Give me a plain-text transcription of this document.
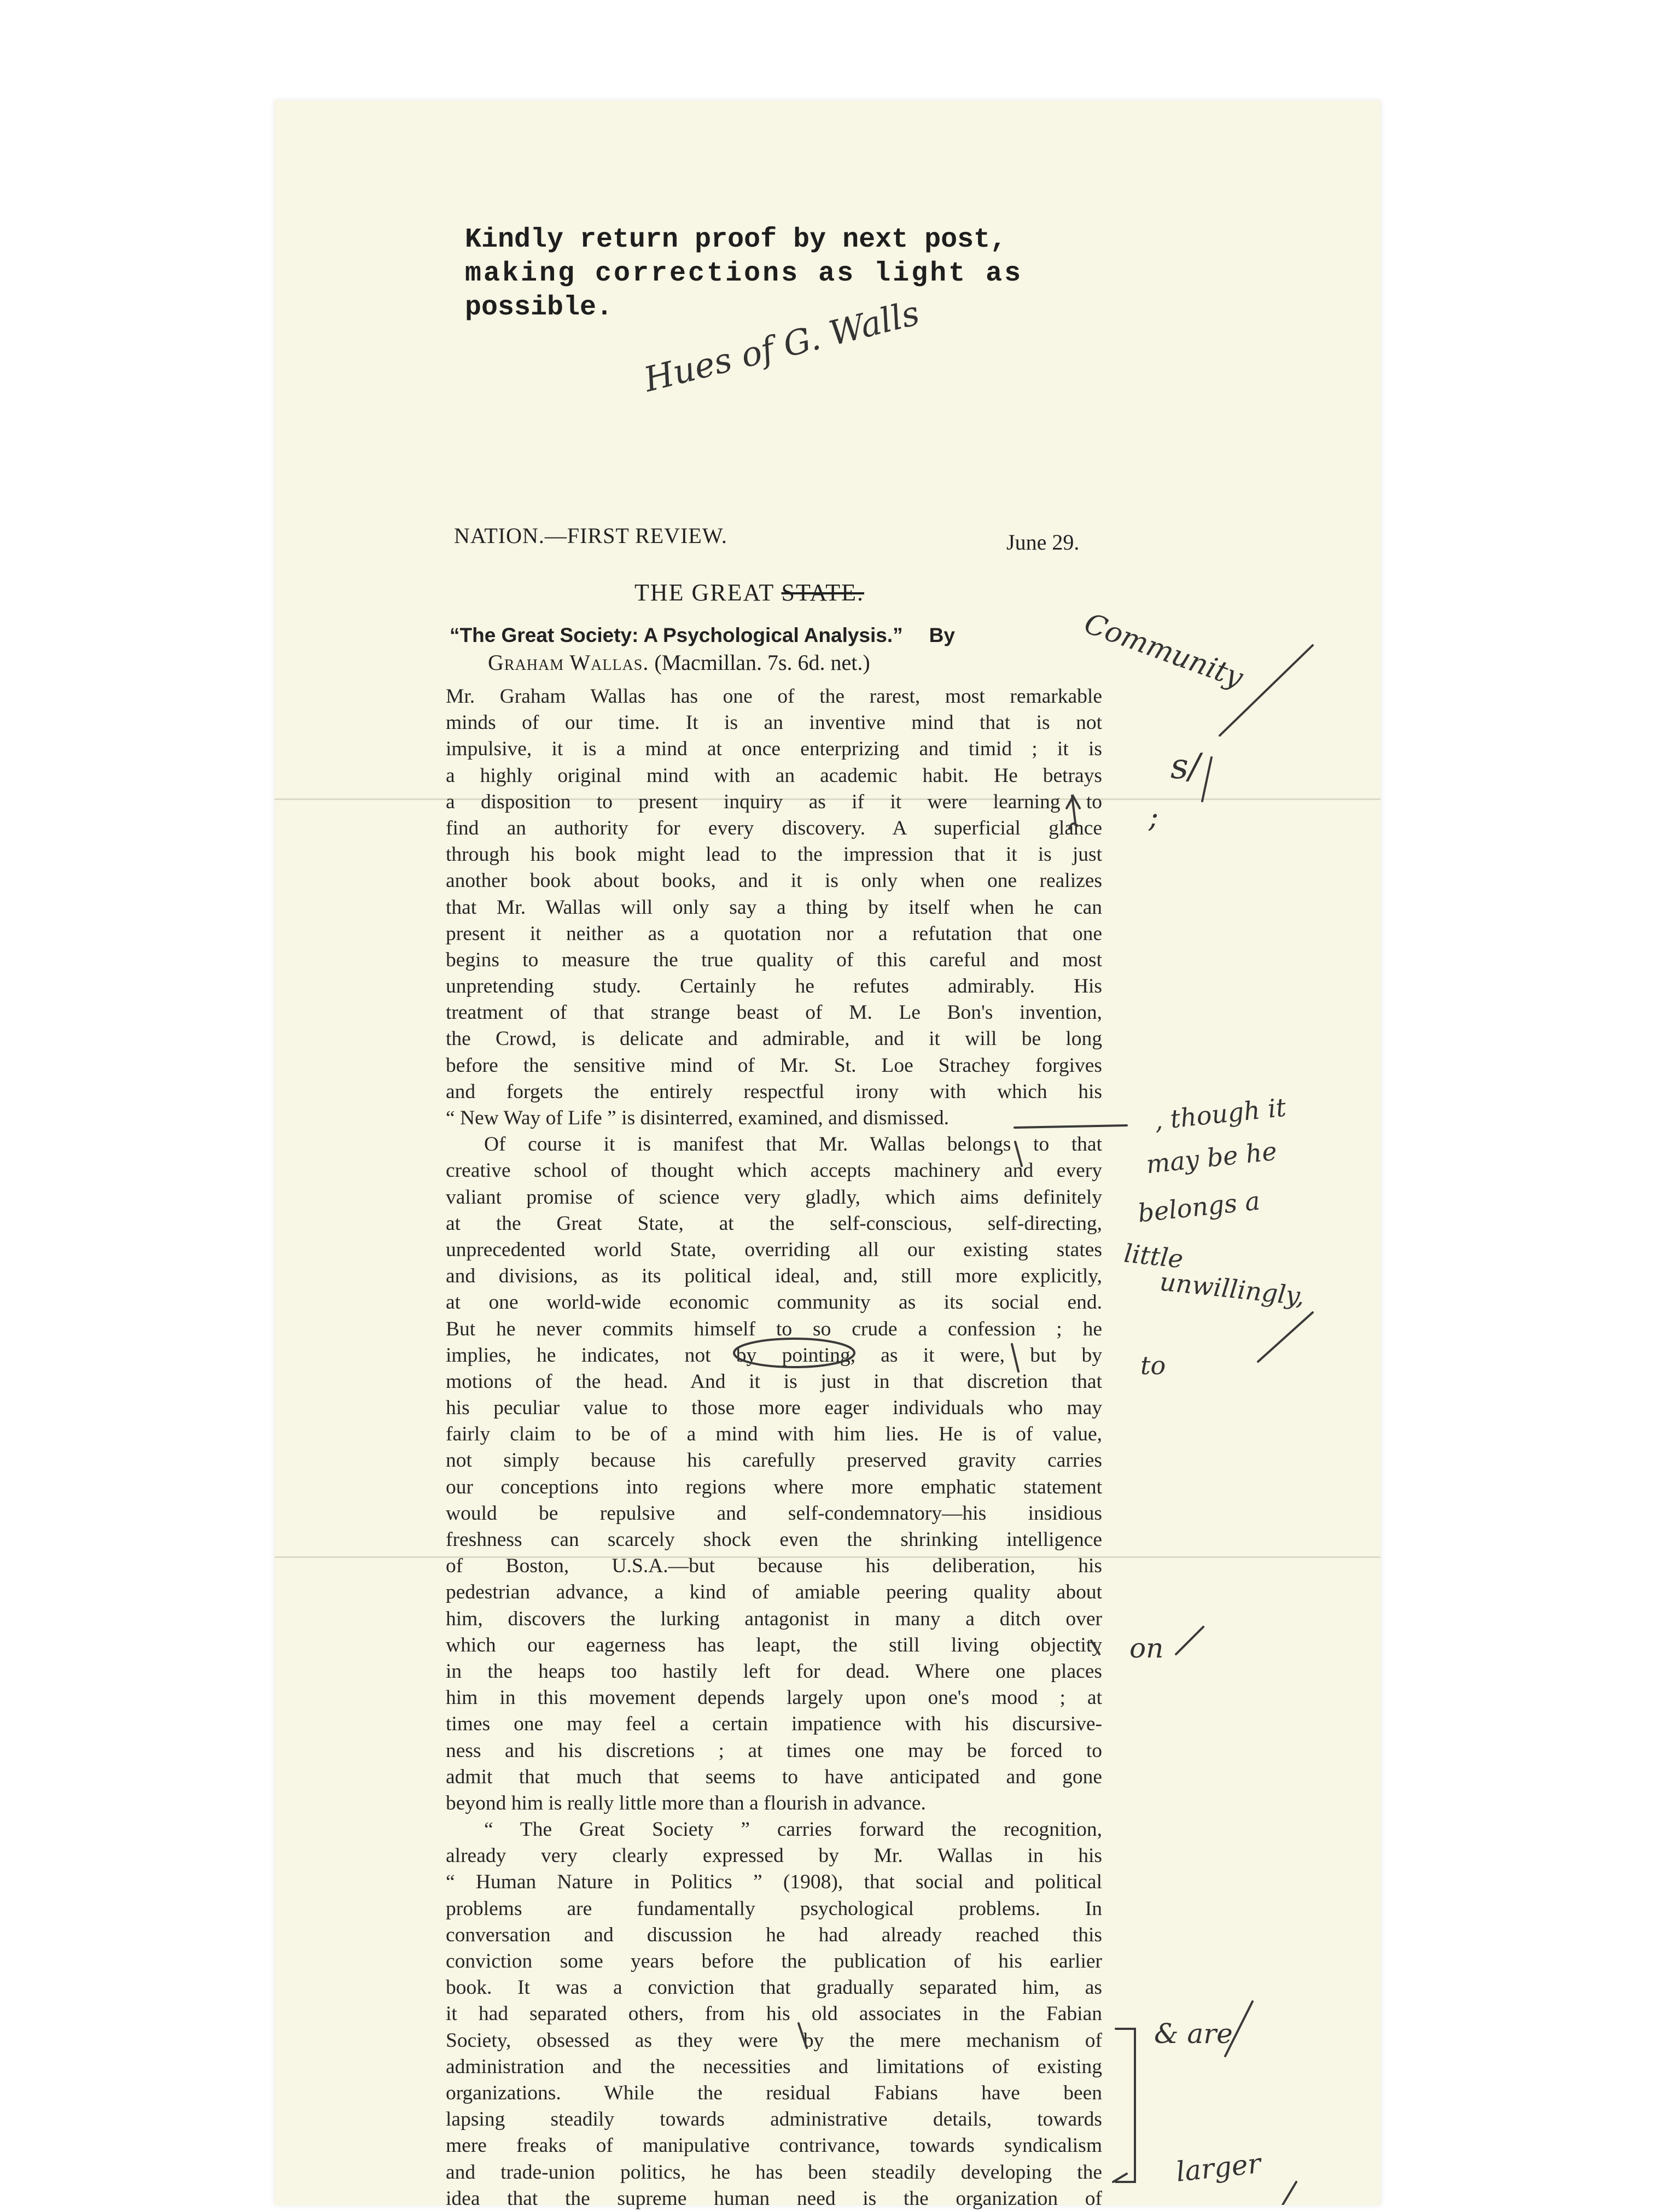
Kindly return proof by next post,
making corrections as light as
possible. Hues of G. Walls
NATION.—FIRST REVIEW.	June 29.
THE GREAT STATE.
“The Great Society: A Psychological Analysis.” By
Graham Wallas. (Macmillan. 7s. 6d. net.)
Mr. Graham Wallas has one of the rarest, most remarkable
minds of our time. It is an inventive mind that is not
impulsive, it is a mind at once enterprizing and timid ; it is
a highly original mind with an academic habit. He betrays
a disposition to present inquiry as if it were learning to
find an authority for every discovery. A superficial glance
through his book might lead to the impression that it is just
another book about books, and it is only when one realizes
that Mr. Wallas will only say a thing by itself when he can
present it neither as a quotation nor a refutation that one
begins to measure the true quality of this careful and most
unpretending study. Certainly he refutes admirably. His
treatment of that strange beast of M. Le Bon's invention,
the Crowd, is delicate and admirable, and it will be long
before the sensitive mind of Mr. St. Loe Strachey forgives
and forgets the entirely respectful irony with which his
“ New Way of Life ” is disinterred, examined, and dismissed.
Of course it is manifest that Mr. Wallas belongs to that
creative school of thought which accepts machinery and every
valiant promise of science very gladly, which aims definitely
at the Great State, at the self-conscious, self-directing,
unprecedented world State, overriding all our existing states
and divisions, as its political ideal, and, still more explicitly,
at one world-wide economic community as its social end.
But he never commits himself to so crude a confession ; he
implies, he indicates, not by pointing, as it were, but by
motions of the head. And it is just in that discretion that
his peculiar value to those more eager individuals who may
fairly claim to be of a mind with him lies. He is of value,
not simply because his carefully preserved gravity carries
our conceptions into regions where more emphatic statement
would be repulsive and self-condemnatory—his insidious
freshness can scarcely shock even the shrinking intelligence
of Boston, U.S.A.—but because his deliberation, his
pedestrian advance, a kind of amiable peering quality about
him, discovers the lurking antagonist in many a ditch over
which our eagerness has leapt, the still living objectity
in the heaps too hastily left for dead. Where one places
him in this movement depends largely upon one's mood ; at
times one may feel a certain impatience with his discursive-
ness and his discretions ; at times one may be forced to
admit that much that seems to have anticipated and gone
beyond him is really little more than a flourish in advance.
“ The Great Society ” carries forward the recognition,
already very clearly expressed by Mr. Wallas in his
“ Human Nature in Politics ” (1908), that social and political
problems are fundamentally psychological problems. In
conversation and discussion he had already reached this
conviction some years before the publication of his earlier
book. It was a conviction that gradually separated him, as
it had separated others, from his old associates in the Fabian
Society, obsessed as they were by the mere mechanism of
administration and the necessities and limitations of existing
organizations. While the residual Fabians have been
lapsing steadily towards administrative details, towards
mere freaks of manipulative contrivance, towards syndicalism
and trade-union politics, he has been steadily developing the
idea that the supreme human need is the organization of
Community
s/
;
, though it
may be he
belongs a
little
unwillingly,
to
on
& are
larger
